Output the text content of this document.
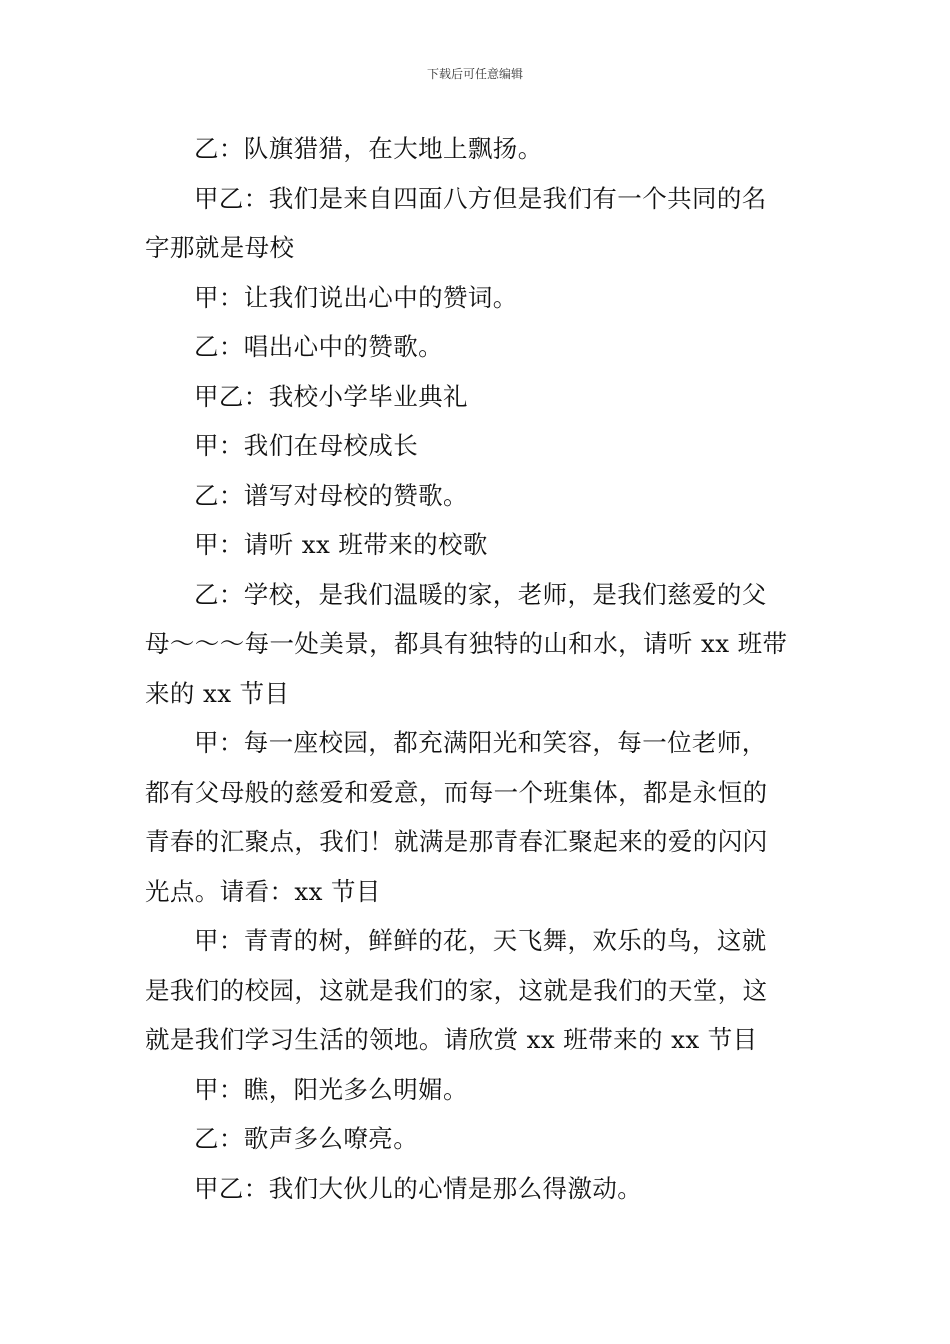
下载后可任意编辑
乙：队旗猎猎，在大地上飘扬。
甲乙：我们是来自四面八方但是我们有一个共同的名
字那就是母校
甲：让我们说出心中的赞词。
乙：唱出心中的赞歌。
甲乙：我校小学毕业典礼
甲：我们在母校成长
乙：谱写对母校的赞歌。
甲：请听 xx 班带来的校歌
乙：学校，是我们温暖的家，老师，是我们慈爱的父
母～～～每一处美景，都具有独特的山和水，请听 xx 班带
来的 xx 节目
甲：每一座校园，都充满阳光和笑容，每一位老师，
都有父母般的慈爱和爱意，而每一个班集体，都是永恒的
青春的汇聚点，我们！就满是那青春汇聚起来的爱的闪闪
光点。请看：xx 节目
甲：青青的树，鲜鲜的花，天飞舞，欢乐的鸟，这就
是我们的校园，这就是我们的家，这就是我们的天堂，这
就是我们学习生活的领地。请欣赏 xx 班带来的 xx 节目
甲：瞧，阳光多么明媚。
乙：歌声多么嘹亮。
甲乙：我们大伙儿的心情是那么得激动。
